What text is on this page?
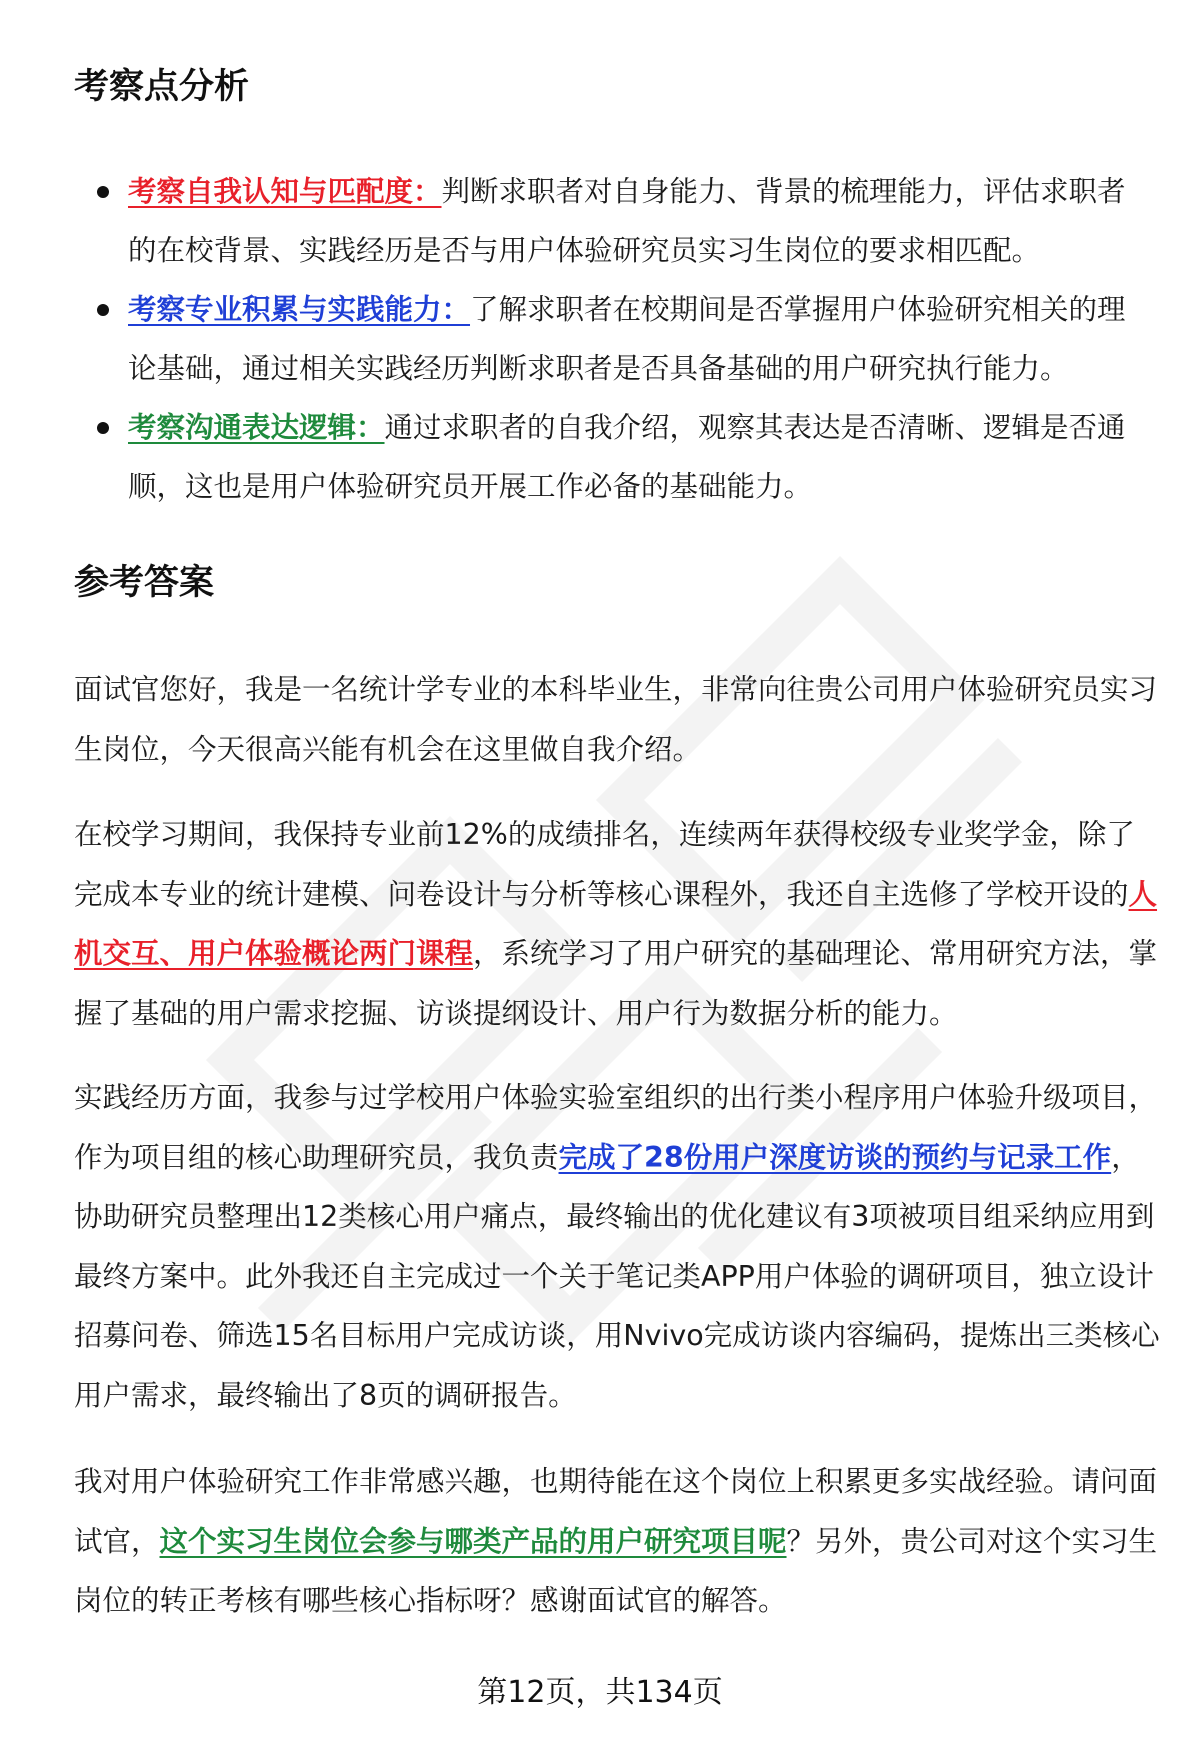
考察点分析
考察自我认知与匹配度：判断求职者对自身能力、背景的梳理能力，评估求职者的在校背景、实践经历是否与用户体验研究员实习生岗位的要求相匹配。
考察专业积累与实践能力：了解求职者在校期间是否掌握用户体验研究相关的理论基础，通过相关实践经历判断求职者是否具备基础的用户研究执行能力。
考察沟通表达逻辑：通过求职者的自我介绍，观察其表达是否清晰、逻辑是否通顺，这也是用户体验研究员开展工作必备的基础能力。
参考答案

面试官您好，我是一名统计学专业的本科毕业生，非常向往贵公司用户体验研究员实习生岗位，今天很高兴能有机会在这里做自我介绍。

在校学习期间，我保持专业前12%的成绩排名，连续两年获得校级专业奖学金，除了完成本专业的统计建模、问卷设计与分析等核心课程外，我还自主选修了学校开设的人机交互、用户体验概论两门课程，系统学习了用户研究的基础理论、常用研究方法，掌握了基础的用户需求挖掘、访谈提纲设计、用户行为数据分析的能力。

实践经历方面，我参与过学校用户体验实验室组织的出行类小程序用户体验升级项目，作为项目组的核心助理研究员，我负责完成了28份用户深度访谈的预约与记录工作，协助研究员整理出12类核心用户痛点，最终输出的优化建议有3项被项目组采纳应用到最终方案中。此外我还自主完成过一个关于笔记类APP用户体验的调研项目，独立设计招募问卷、筛选15名目标用户完成访谈，用Nvivo完成访谈内容编码，提炼出三类核心用户需求，最终输出了8页的调研报告。

我对用户体验研究工作非常感兴趣，也期待能在这个岗位上积累更多实战经验。请问面试官，这个实习生岗位会参与哪类产品的用户研究项目呢？另外，贵公司对这个实习生岗位的转正考核有哪些核心指标呀？感谢面试官的解答。

第12页，共134页
